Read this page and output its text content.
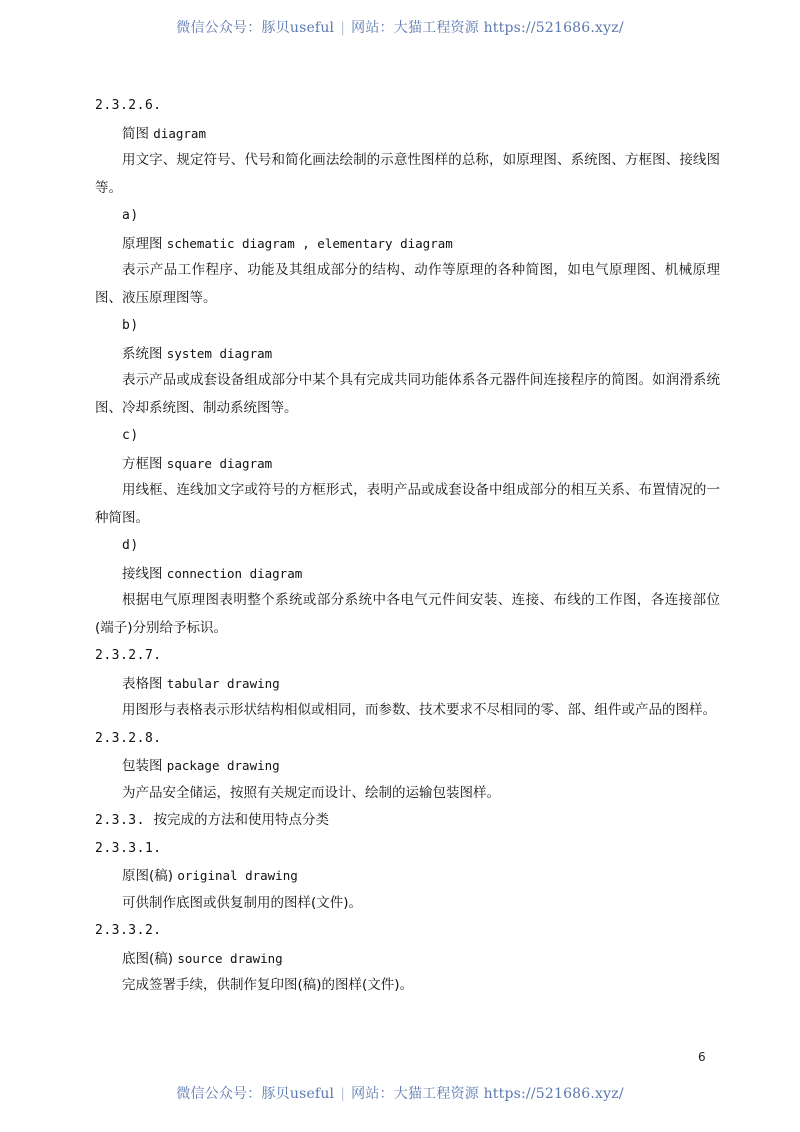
微信公众号：豚贝useful | 网站：大猫工程资源 https://521686.xyz/
2.3.2.6.
简图 diagram
用文字、规定符号、代号和简化画法绘制的示意性图样的总称，如原理图、系统图、方框图、接线图等。
a)
原理图 schematic diagram , elementary diagram
表示产品工作程序、功能及其组成部分的结构、动作等原理的各种简图，如电气原理图、机械原理图、液压原理图等。
b)
系统图 system diagram
表示产品或成套设备组成部分中某个具有完成共同功能体系各元器件间连接程序的简图。如润滑系统图、冷却系统图、制动系统图等。
c)
方框图 square diagram
用线框、连线加文字或符号的方框形式，表明产品或成套设备中组成部分的相互关系、布置情况的一种简图。
d)
接线图 connection diagram
根据电气原理图表明整个系统或部分系统中各电气元件间安装、连接、布线的工作图，各连接部位(端子)分别给予标识。
2.3.2.7.
表格图 tabular drawing
用图形与表格表示形状结构相似或相同，而参数、技术要求不尽相同的零、部、组件或产品的图样。
2.3.2.8.
包装图 package drawing
为产品安全储运，按照有关规定而设计、绘制的运输包装图样。
2.3.3. 按完成的方法和使用特点分类
2.3.3.1.
原图(稿) original drawing
可供制作底图或供复制用的图样(文件)。
2.3.3.2.
底图(稿) source drawing
完成签署手续，供制作复印图(稿)的图样(文件)。
6
微信公众号：豚贝useful | 网站：大猫工程资源 https://521686.xyz/
